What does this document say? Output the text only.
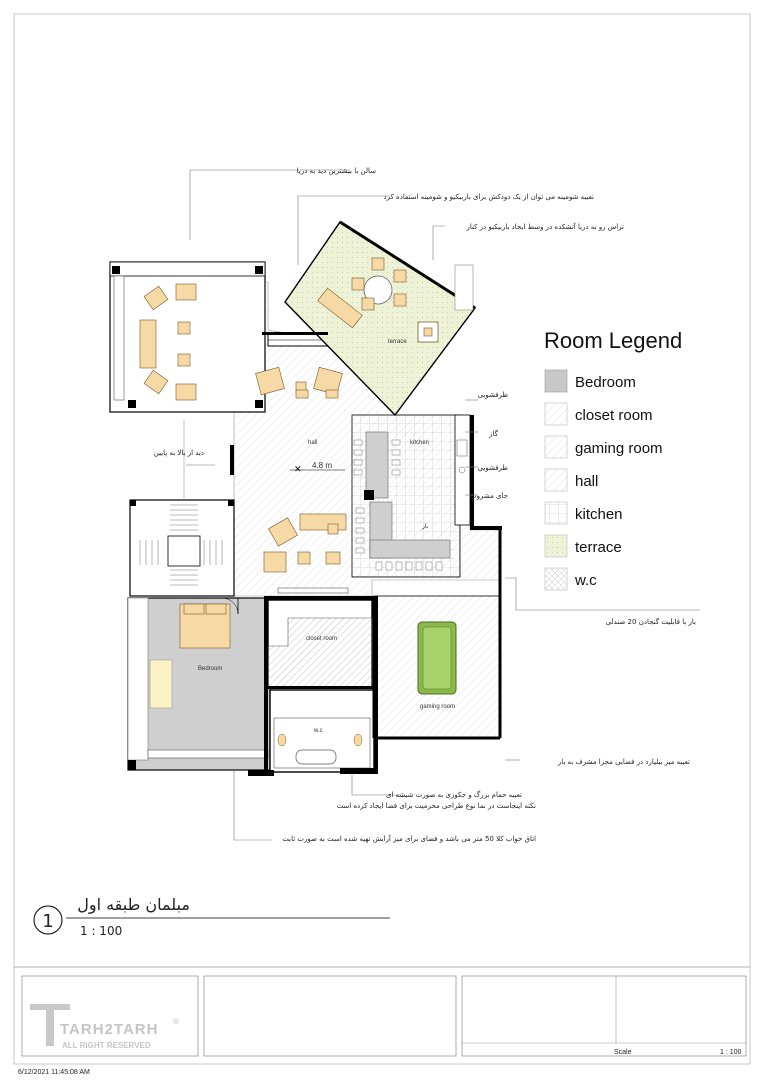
terrace
hall
4.8 m
✕
kitchen
بار
Bedroom
closet room
w.c
gaming room
سالن با بیشترین دید به دریا
تعبیه شومینه می توان از یک دودکش برای باربیکیو و شومینه استفاده کرد
تراس رو به دریا آتشکده در وسط ایجاد باربیکیو در کنار
ظرفشویی
گاز
ظرفشویی
جای مشروب
دید از بالا به پایین
بار با قابلیت گنجادن 20 صندلی
تعبیه میز بیلیارد در فضایی مجزا مشرف به بار
تعبیه حمام بزرگ و جکوزی به صورت شیشه ای
نکته اینجاست در نما نوع طراحی محرمیت برای فضا ایجاد کرده است
اتاق خواب کلا 50 متر می باشد و فضای برای میز آرایش تهیه شده است به صورت ثابت
Room Legend
Bedroom
closet room
gaming room
hall
kitchen
terrace
w.c
1
مبلمان طبقه اول
1 : 100
TARH2TARH
ALL RIGHT RESERVED
®
Scale	1 : 100
6/12/2021 11:45:08 AM
